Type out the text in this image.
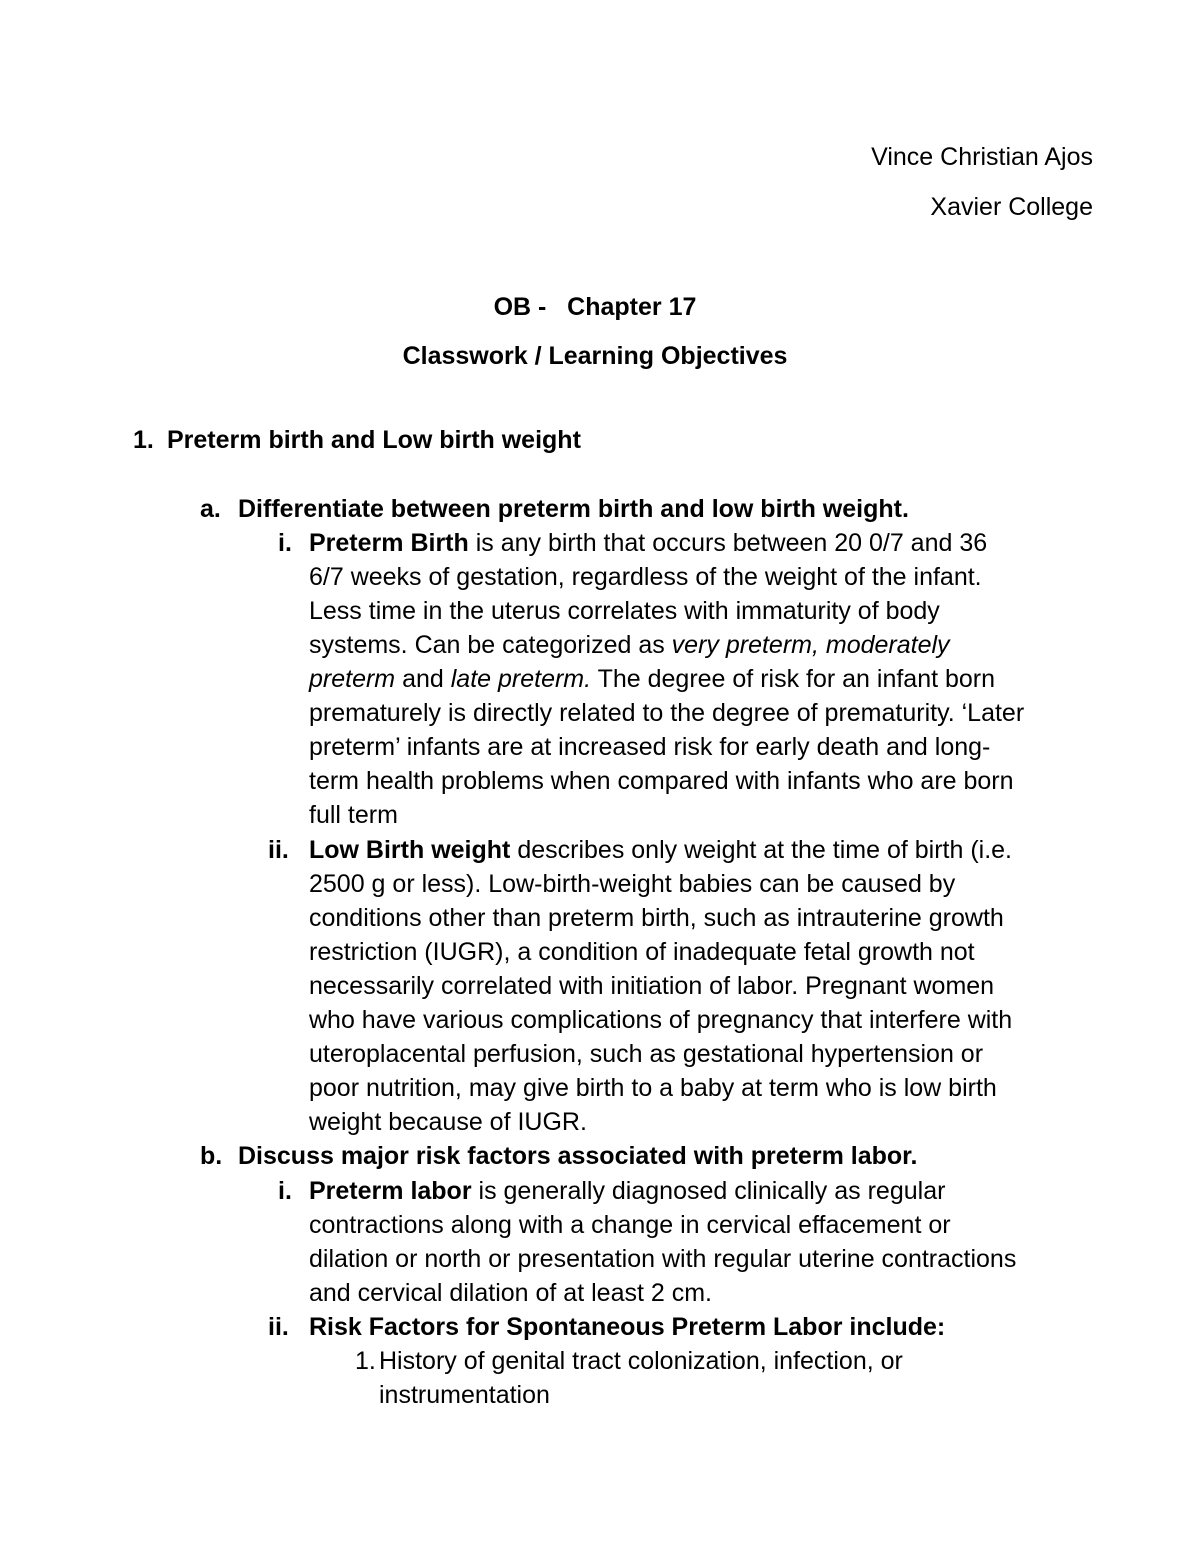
Vince Christian Ajos
Xavier College
OB -   Chapter 17
Classwork / Learning Objectives
1. Preterm birth and Low birth weight
a. Differentiate between preterm birth and low birth weight.
i. Preterm Birth is any birth that occurs between 20 0/7 and 36
6/7 weeks of gestation, regardless of the weight of the infant.
Less time in the uterus correlates with immaturity of body
systems. Can be categorized as very preterm, moderately
preterm and late preterm. The degree of risk for an infant born
prematurely is directly related to the degree of prematurity. ‘Later
preterm’ infants are at increased risk for early death and long-
term health problems when compared with infants who are born
full term
ii. Low Birth weight describes only weight at the time of birth (i.e.
2500 g or less). Low-birth-weight babies can be caused by
conditions other than preterm birth, such as intrauterine growth
restriction (IUGR), a condition of inadequate fetal growth not
necessarily correlated with initiation of labor. Pregnant women
who have various complications of pregnancy that interfere with
uteroplacental perfusion, such as gestational hypertension or
poor nutrition, may give birth to a baby at term who is low birth
weight because of IUGR.
b. Discuss major risk factors associated with preterm labor.
i. Preterm labor is generally diagnosed clinically as regular
contractions along with a change in cervical effacement or
dilation or north or presentation with regular uterine contractions
and cervical dilation of at least 2 cm.
ii. Risk Factors for Spontaneous Preterm Labor include:
1. History of genital tract colonization, infection, or
instrumentation
